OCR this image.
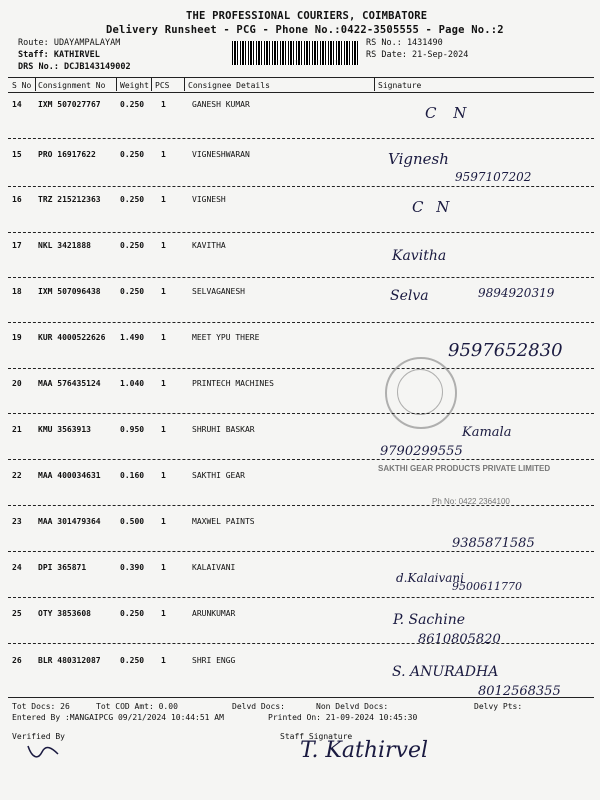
THE PROFESSIONAL COURIERS, COIMBATORE
Delivery Runsheet - PCG - Phone No.:0422-3505555 - Page No.:2
Route: UDAYAMPALAYAM
Staff: KATHIRVEL
DRS No.: DCJB143149002
RS No.: 1431490
RS Date: 21-Sep-2024
S No Consignment No Weight PCS Consignee Details	Signature
14 IXM 507027767 0.250 1	GANESH KUMAR	C N
15 PRO 16917622	0.250 1	VIGNESHWARAN	Vignesh
9597107202
16 TRZ 215212363 0.250 1	VIGNESH	C N
17 NKL 3421888	0.250 1	KAVITHA
Kavitha
18 IXM 507096438 0.250 1	SELVAGANESH	Selva	9894920319
19 KUR 4000522626 1.490 1	MEET YPU THERE
9597652830
20 MAA 576435124 1.040 1	PRINTECH MACHINES
21 KMU 3563913	0.950 1	SHRUHI BASKAR	Kamala
9790299555
22 MAA 400034631 0.160 1	SAKTHI GEAR
SAKTHI GEAR PRODUCTS PRIVATE LIMITED
Ph No: 0422 2364100
23 MAA 301479364 0.500 1	MAXWEL PAINTS
9385871585
24 DPI 365871	0.390 1	KALAIVANI
d.Kalaivani
9500611770
25 OTY 3853608	0.250 1	ARUNKUMAR	P. Sachine
8610805820
26 BLR 480312087 0.250 1	SHRI ENGG
S. ANURADHA
8012568355
Tot Docs: 26	Tot COD Amt: 0.00	Delvd Docs:	Non Delvd Docs:	Delvy Pts:
Entered By :MANGAIPCG 09/21/2024 10:44:51 AM	Printed On: 21-09-2024 10:45:30
Verified By	Staff Signature
T. Kathirvel
